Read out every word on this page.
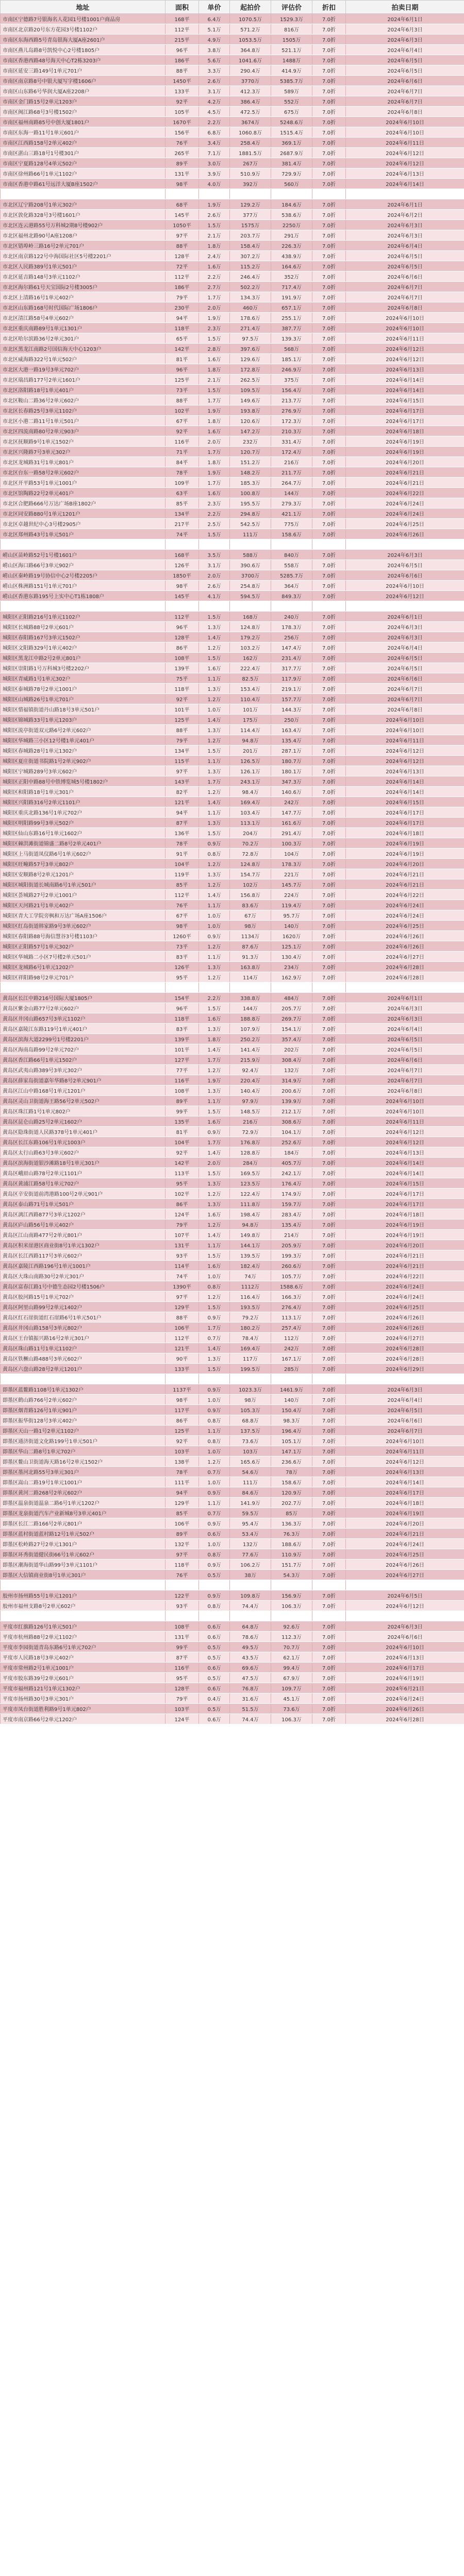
地址	面积	单价	起拍价	评估价	折扣	拍卖日期
市南区宁德路7号银海名人花园1号楼1001户商品房	168平	6.4万	1070.5万	1529.3万	7.0折	2024年6月1日
市南区北京路20号东方花园3号楼1102户	112平	5.1万	571.2万	816万	7.0折	2024年6月3日
市南区东海西路5号青岛银海大厦A座2601户	215平	4.9万	1053.5万	1505万	7.0折	2024年6月3日
市南区燕儿岛路8号凯悦中心2号楼1805户	96平	3.8万	364.8万	521.1万	7.0折	2024年6月4日
市南区香港西路48号海天中心T2栋3203户	186平	5.6万	1041.6万	1488万	7.0折	2024年6月5日
市南区延安三路149号1单元701户	88平	3.3万	290.4万	414.9万	7.0折	2024年6月5日
市南区南京路8号中银大厦写字楼1606户	1450平	2.6万	3770万	5385.7万	7.0折	2024年6月6日
市南区山东路6号华润大厦A座2208户	133平	3.1万	412.3万	589万	7.0折	2024年6月7日
市南区金门路15号2单元1203户	92平	4.2万	386.4万	552万	7.0折	2024年6月7日
市南区闽江路68号3号楼1502户	105平	4.5万	472.5万	675万	7.0折	2024年6月8日
市南区福州南路85号中创大厦1801户	1670平	2.2万	3674万	5248.6万	7.0折	2024年6月10日
市南区东海一路11号1单元601户	156平	6.8万	1060.8万	1515.4万	7.0折	2024年6月10日
市南区江西路158号2单元402户	76平	3.4万	258.4万	369.1万	7.0折	2024年6月11日
市南区湛山三路18号1号楼301户	265平	7.1万	1881.5万	2687.9万	7.0折	2024年6月12日
市南区宁夏路128号4单元502户	89平	3.0万	267万	381.4万	7.0折	2024年6月12日
市南区徐州路66号1单元1102户	131平	3.9万	510.9万	729.9万	7.0折	2024年6月13日
市南区香港中路61号远洋大厦B座1502户	98平	4.0万	392万	560万	7.0折	2024年6月14日

市北区辽宁路208号1单元302户	68平	1.9万	129.2万	184.6万	7.0折	2024年6月1日
市北区敦化路328号3号楼1601户	145平	2.6万	377万	538.6万	7.0折	2024年6月2日
市北区连云港路55号万科城2期8号楼902户	1050平	1.5万	1575万	2250万	7.0折	2024年6月3日
市北区福州北路90号A座1208户	97平	2.1万	203.7万	291万	7.0折	2024年6月3日
市北区错埠岭三路16号2单元701户	88平	1.8万	158.4万	226.3万	7.0折	2024年6月4日
市北区南京路122号中海国际社区5号楼2201户	128平	2.4万	307.2万	438.9万	7.0折	2024年6月5日
市北区人民路389号1单元501户	72平	1.6万	115.2万	164.6万	7.0折	2024年6月5日
市北区延吉路148号3单元1102户	112平	2.2万	246.4万	352万	7.0折	2024年6月6日
市北区海尔路61号天宝国际2号楼3005户	186平	2.7万	502.2万	717.4万	7.0折	2024年6月7日
市北区上清路16号1单元402户	79平	1.7万	134.3万	191.9万	7.0折	2024年6月7日
市北区山东路168号时代国际广场1806户	230平	2.0万	460万	657.1万	7.0折	2024年6月8日
市北区清江路58号4单元602户	94平	1.9万	178.6万	255.1万	7.0折	2024年6月10日
市北区重庆南路89号1单元1301户	118平	2.3万	271.4万	387.7万	7.0折	2024年6月10日
市北区哈尔滨路36号2单元301户	65平	1.5万	97.5万	139.3万	7.0折	2024年6月11日
市北区黑龙江南路2号国信海天中心1203户	142平	2.8万	397.6万	568万	7.0折	2024年6月12日
市北区威海路322号1单元502户	81平	1.6万	129.6万	185.1万	7.0折	2024年6月12日
市北区大港一路19号3单元702户	96平	1.8万	172.8万	246.9万	7.0折	2024年6月13日
市北区瑞昌路177号2单元1601户	125平	2.1万	262.5万	375万	7.0折	2024年6月14日
市北区洛阳路18号1单元401户	73平	1.5万	109.5万	156.4万	7.0折	2024年6月14日
市北区鞍山二路36号2单元602户	88平	1.7万	149.6万	213.7万	7.0折	2024年6月15日
市北区长春路25号3单元1102户	102平	1.9万	193.8万	276.9万	7.0折	2024年6月17日
市北区小港二路11号1单元501户	67平	1.8万	120.6万	172.3万	7.0折	2024年6月17日
市北区四流南路80号2单元903户	92平	1.6万	147.2万	210.3万	7.0折	2024年6月18日
市北区抚顺路9号1单元1502户	116平	2.0万	232万	331.4万	7.0折	2024年6月19日
市北区兴隆路7号3单元302户	71平	1.7万	120.7万	172.4万	7.0折	2024年6月19日
市北区龙城路31号1单元801户	84平	1.8万	151.2万	216万	7.0折	2024年6月20日
市北区台东一路58号2单元602户	78平	1.9万	148.2万	211.7万	7.0折	2024年6月21日
市北区开平路53号1单元1001户	109平	1.7万	185.3万	264.7万	7.0折	2024年6月21日
市北区馆陶路22号2单元401户	63平	1.6万	100.8万	144万	7.0折	2024年6月22日
市北区合肥路666号万达广场B座1802户	85平	2.3万	195.5万	279.3万	7.0折	2024年6月24日
市北区同安路880号1单元1201户	134平	2.2万	294.8万	421.1万	7.0折	2024年6月24日
市北区卓越世纪中心3号楼2905户	217平	2.5万	542.5万	775万	7.0折	2024年6月25日
市北区郑州路43号1单元501户	74平	1.5万	111万	158.6万	7.0折	2024年6月26日

崂山区苗岭路52号1号楼1601户	168平	3.5万	588万	840万	7.0折	2024年6月3日
崂山区海口路66号3单元902户	126平	3.1万	390.6万	558万	7.0折	2024年6月5日
崂山区秦岭路19号协信中心2号楼2205户	1850平	2.0万	3700万	5285.7万	7.0折	2024年6月6日
崂山区株洲路151号1单元701户	98平	2.6万	254.8万	364万	7.0折	2024年6月10日
崂山区香港东路195号上实中心T1栋1808户	145平	4.1万	594.5万	849.3万	7.0折	2024年6月12日

城阳区正阳路216号1单元1102户	112平	1.5万	168万	240万	7.0折	2024年6月1日
城阳区长城路88号2单元601户	96平	1.3万	124.8万	178.3万	7.0折	2024年6月3日
城阳区春阳路167号3单元1502户	128平	1.4万	179.2万	256万	7.0折	2024年6月3日
城阳区文阳路329号1单元402户	86平	1.2万	103.2万	147.4万	7.0折	2024年6月4日
城阳区黑龙江中路2号2单元801户	108平	1.5万	162万	231.4万	7.0折	2024年6月5日
城阳区崇阳路1号万科城3号楼2202户	139平	1.6万	222.4万	317.7万	7.0折	2024年6月5日
城阳区青威路1号1单元302户	75平	1.1万	82.5万	117.9万	7.0折	2024年6月6日
城阳区泰城路78号2单元1001户	118平	1.3万	153.4万	219.1万	7.0折	2024年6月7日
城阳区山城路26号1单元701户	92平	1.2万	110.4万	157.7万	7.0折	2024年6月7日
城阳区惜福镇街道丹山路18号3单元501户	101平	1.0万	101万	144.3万	7.0折	2024年6月8日
城阳区锦城路33号1单元1203户	125平	1.4万	175万	250万	7.0折	2024年6月10日
城阳区流亭街道双元路6号2单元602户	88平	1.3万	114.4万	163.4万	7.0折	2024年6月10日
城阳区华城路三小区12号楼1单元401户	79平	1.2万	94.8万	135.4万	7.0折	2024年6月11日
城阳区春城路28号1单元1302户	134平	1.5万	201万	287.1万	7.0折	2024年6月12日
城阳区夏庄街道书院路1号2单元902户	115平	1.1万	126.5万	180.7万	7.0折	2024年6月12日
城阳区宁城路289号3单元602户	97平	1.3万	126.1万	180.1万	7.0折	2024年6月13日
城阳区正阳中路88号中铁博览城5号楼1802户	143平	1.7万	243.1万	347.3万	7.0折	2024年6月14日
城阳区和阳路18号1单元301户	82平	1.2万	98.4万	140.6万	7.0折	2024年6月14日
城阳区兴阳路316号2单元1101户	121平	1.4万	169.4万	242万	7.0折	2024年6月15日
城阳区重庆北路136号1单元702户	94平	1.1万	103.4万	147.7万	7.0折	2024年6月17日
城阳区明阳路99号3单元502户	87平	1.3万	113.1万	161.6万	7.0折	2024年6月17日
城阳区仙山东路16号1单元1602户	136平	1.5万	204万	291.4万	7.0折	2024年6月18日
城阳区棘洪滩街道锦盛二路8号2单元401户	78平	0.9万	70.2万	100.3万	7.0折	2024年6月19日
城阳区上马街道凤仪路6号1单元602户	91平	0.8万	72.8万	104万	7.0折	2024年6月19日
城阳区旺疃路57号3单元802户	104平	1.2万	124.8万	178.3万	7.0折	2024年6月20日
城阳区安顺路8号2单元1201户	119平	1.3万	154.7万	221万	7.0折	2024年6月21日
城阳区城阳街道长城南路6号1单元501户	85平	1.2万	102万	145.7万	7.0折	2024年6月21日
城阳区荟城路27号2单元1001户	112平	1.4万	156.8万	224万	7.0折	2024年6月22日
城阳区天河路21号1单元402户	76平	1.1万	83.6万	119.4万	7.0折	2024年6月24日
城阳区青大工学院旁枫和万达广场A座1506户	67平	1.0万	67万	95.7万	7.0折	2024年6月24日
城阳区红岛街道韩家路9号3单元602户	98平	1.0万	98万	140万	7.0折	2024年6月25日
城阳区春阳路88号海信慧谷3号楼1103户	1260平	0.9万	1134万	1620万	7.0折	2024年6月26日
城阳区正阳路57号1单元302户	73平	1.2万	87.6万	125.1万	7.0折	2024年6月26日
城阳区华城路二小区7号楼2单元501户	83平	1.1万	91.3万	130.4万	7.0折	2024年6月27日
城阳区龙城路6号1单元1202户	126平	1.3万	163.8万	234万	7.0折	2024年6月28日
城阳区祥阳路98号2单元701户	95平	1.2万	114万	162.9万	7.0折	2024年6月28日

黄岛区长江中路216号国际大厦1805户	154平	2.2万	338.8万	484万	7.0折	2024年6月1日
黄岛区紫金山路77号2单元602户	96平	1.5万	144万	205.7万	7.0折	2024年6月3日
黄岛区井冈山路657号3单元1102户	118平	1.6万	188.8万	269.7万	7.0折	2024年6月3日
黄岛区嘉陵江东路119号1单元401户	83平	1.3万	107.9万	154.1万	7.0折	2024年6月4日
黄岛区滨海大道2299号1号楼2201户	139平	1.8万	250.2万	357.4万	7.0折	2024年6月5日
黄岛区海南岛路99号2单元702户	101平	1.4万	141.4万	202万	7.0折	2024年6月5日
黄岛区香江路66号1单元1502户	127平	1.7万	215.9万	308.4万	7.0折	2024年6月6日
黄岛区武夷山路389号3单元302户	77平	1.2万	92.4万	132万	7.0折	2024年6月7日
黄岛区薛家岛街道嘉年华路8号2单元901户	116平	1.9万	220.4万	314.9万	7.0折	2024年6月7日
黄岛区江山中路168号1单元1201户	108平	1.3万	140.4万	200.6万	7.0折	2024年6月8日
黄岛区灵山卫街道海王路56号2单元502户	89平	1.1万	97.9万	139.9万	7.0折	2024年6月10日
黄岛区珠江路1号1单元802户	99平	1.5万	148.5万	212.1万	7.0折	2024年6月10日
黄岛区昆仑山路25号2单元1602户	135平	1.6万	216万	308.6万	7.0折	2024年6月11日
黄岛区隐珠街道人民路378号1单元401户	81平	0.9万	72.9万	104.1万	7.0折	2024年6月12日
黄岛区长江东路106号1单元1003户	104平	1.7万	176.8万	252.6万	7.0折	2024年6月12日
黄岛区太行山路63号3单元602户	92平	1.4万	128.8万	184万	7.0折	2024年6月13日
黄岛区滨海街道银沙滩路18号1单元301户	142平	2.0万	284万	405.7万	7.0折	2024年6月14日
黄岛区峨眉山路78号2单元1101户	113平	1.5万	169.5万	242.1万	7.0折	2024年6月14日
黄岛区黄浦江路58号1单元702户	95平	1.3万	123.5万	176.4万	7.0折	2024年6月15日
黄岛区辛安街道前湾港路100号2单元901户	102平	1.2万	122.4万	174.9万	7.0折	2024年6月17日
黄岛区泰山路71号1单元501户	86平	1.3万	111.8万	159.7万	7.0折	2024年6月17日
黄岛区漓江西路877号3单元1202户	124平	1.6万	198.4万	283.4万	7.0折	2024年6月18日
黄岛区庐山路56号1单元402户	79平	1.2万	94.8万	135.4万	7.0折	2024年6月19日
黄岛区江山南路477号2单元801户	107平	1.4万	149.8万	214万	7.0折	2024年6月19日
黄岛区积米崖港区商业街8号1单元1302户	131平	1.1万	144.1万	205.9万	7.0折	2024年6月20日
黄岛区长江西路117号3单元602户	93平	1.5万	139.5万	199.3万	7.0折	2024年6月21日
黄岛区嘉陵江西路196号1单元1001户	114平	1.6万	182.4万	260.6万	7.0折	2024年6月21日
黄岛区大珠山南路30号2单元301户	74平	1.0万	74万	105.7万	7.0折	2024年6月22日
黄岛区富春江路1号中德生态园2号楼1506户	1390平	0.8万	1112万	1588.6万	7.0折	2024年6月24日
黄岛区胶河路15号1单元702户	97平	1.2万	116.4万	166.3万	7.0折	2024年6月24日
黄岛区阿里山路99号2单元1402户	129平	1.5万	193.5万	276.4万	7.0折	2024年6月25日
黄岛区红石崖街道红石崖路6号1单元501户	88平	0.9万	79.2万	113.1万	7.0折	2024年6月26日
黄岛区井冈山路158号3单元802户	106平	1.7万	180.2万	257.4万	7.0折	2024年6月26日
黄岛区王台镇振兴路16号2单元301户	112平	0.7万	78.4万	112万	7.0折	2024年6月27日
黄岛区珠山路11号1单元1102户	121平	1.4万	169.4万	242万	7.0折	2024年6月28日
黄岛区铁橛山路488号3单元602户	90平	1.3万	117万	167.1万	7.0折	2024年6月28日
黄岛区六盘山路28号2单元1201户	133平	1.5万	199.5万	285万	7.0折	2024年6月29日

即墨区蓝鳌路1108号1单元1302户	1137平	0.9万	1023.3万	1461.9万	7.0折	2024年6月3日
即墨区鹤山路766号2单元602户	98平	1.0万	98万	140万	7.0折	2024年6月4日
即墨区烟青路126号1单元901户	117平	0.9万	105.3万	150.4万	7.0折	2024年6月5日
即墨区振华街128号3单元402户	86平	0.8万	68.8万	98.3万	7.0折	2024年6月6日
即墨区天山一路1号2单元1102户	125平	1.1万	137.5万	196.4万	7.0折	2024年6月7日
即墨区通济街道文化路199号1单元501户	92平	0.8万	73.6万	105.1万	7.0折	2024年6月10日
即墨区华山二路8号1单元702户	103平	1.0万	103万	147.1万	7.0折	2024年6月11日
即墨区鳌山卫街道海天路16号2单元1502户	138平	1.2万	165.6万	236.6万	7.0折	2024年6月12日
即墨区墨河北路55号3单元301户	78平	0.7万	54.6万	78万	7.0折	2024年6月13日
即墨区嵩山二路19号1单元1001户	111平	1.0万	111万	158.6万	7.0折	2024年6月14日
即墨区黄河二路268号2单元602户	94平	0.9万	84.6万	120.9万	7.0折	2024年6月17日
即墨区温泉街道温泉二路6号1单元1202户	129平	1.1万	141.9万	202.7万	7.0折	2024年6月18日
即墨区龙泉街道汽车产业新城8号3单元401户	85平	0.7万	59.5万	85万	7.0折	2024年6月19日
即墨区长江二路166号2单元801户	106平	0.9万	95.4万	136.3万	7.0折	2024年6月20日
即墨区蓝村街道蓝村路12号1单元502户	89平	0.6万	53.4万	76.3万	7.0折	2024年6月21日
即墨区松岭路27号2单元1301户	132平	1.0万	132万	188.6万	7.0折	2024年6月24日
即墨区环秀街道健民街66号1单元602户	97平	0.8万	77.6万	110.9万	7.0折	2024年6月25日
即墨区潮海街道华山路99号3单元1101户	118平	0.9万	106.2万	151.7万	7.0折	2024年6月26日
即墨区大信镇商业街8号1单元301户	76平	0.5万	38万	54.3万	7.0折	2024年6月27日

胶州市扬州路55号1单元1201户	122平	0.9万	109.8万	156.9万	7.0折	2024年6月5日
胶州市福州支路8号2单元602户	93平	0.8万	74.4万	106.3万	7.0折	2024年6月12日

平度市红旗路126号1单元501户	108平	0.6万	64.8万	92.6万	7.0折	2024年6月3日
平度市杭州路88号2单元1102户	131平	0.6万	78.6万	112.3万	7.0折	2024年6月6日
平度市李园街道青岛东路6号1单元702户	99平	0.5万	49.5万	70.7万	7.0折	2024年6月10日
平度市人民路18号3单元402户	87平	0.5万	43.5万	62.1万	7.0折	2024年6月13日
平度市常州路2号1单元1001户	116平	0.6万	69.6万	99.4万	7.0折	2024年6月17日
平度市胶东路39号2单元601户	95平	0.5万	47.5万	67.9万	7.0折	2024年6月19日
平度市福州路121号1单元1302户	128平	0.6万	76.8万	109.7万	7.0折	2024年6月21日
平度市扬州路30号3单元301户	79平	0.4万	31.6万	45.1万	7.0折	2024年6月24日
平度市凤台街道胜利路9号1单元802户	103平	0.5万	51.5万	73.6万	7.0折	2024年6月26日
平度市南京路66号2单元1202户	124平	0.6万	74.4万	106.3万	7.0折	2024年6月28日
